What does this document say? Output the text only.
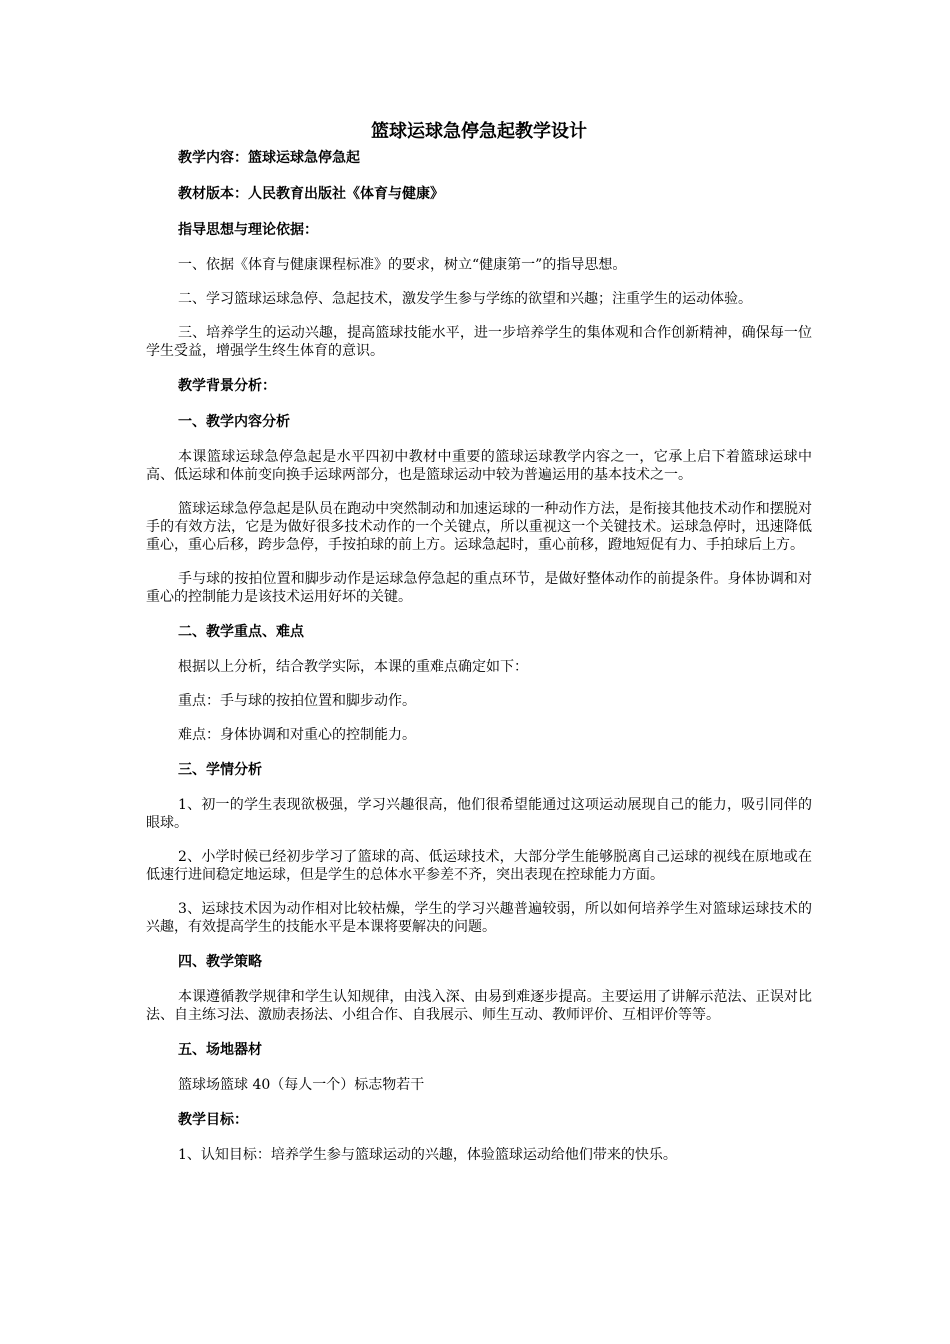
篮球运球急停急起教学设计
教学内容：篮球运球急停急起
教材版本：人民教育出版社《体育与健康》
指导思想与理论依据：
一、依据《体育与健康课程标准》的要求，树立“健康第一”的指导思想。
二、学习篮球运球急停、急起技术，激发学生参与学练的欲望和兴趣；注重学生的运动体验。
三、培养学生的运动兴趣，提高篮球技能水平，进一步培养学生的集体观和合作创新精神，确保每一位学生受益，增强学生终生体育的意识。
教学背景分析：
一、教学内容分析
本课篮球运球急停急起是水平四初中教材中重要的篮球运球教学内容之一，它承上启下着篮球运球中高、低运球和体前变向换手运球两部分，也是篮球运动中较为普遍运用的基本技术之一。
篮球运球急停急起是队员在跑动中突然制动和加速运球的一种动作方法，是衔接其他技术动作和摆脱对手的有效方法，它是为做好很多技术动作的一个关键点，所以重视这一个关键技术。运球急停时，迅速降低重心，重心后移，跨步急停，手按拍球的前上方。运球急起时，重心前移，蹬地短促有力、手拍球后上方。
手与球的按拍位置和脚步动作是运球急停急起的重点环节，是做好整体动作的前提条件。身体协调和对重心的控制能力是该技术运用好坏的关键。
二、教学重点、难点
根据以上分析，结合教学实际，本课的重难点确定如下：
重点：手与球的按拍位置和脚步动作。
难点：身体协调和对重心的控制能力。
三、学情分析
1、初一的学生表现欲极强，学习兴趣很高，他们很希望能通过这项运动展现自己的能力，吸引同伴的眼球。
2、小学时候已经初步学习了篮球的高、低运球技术，大部分学生能够脱离自己运球的视线在原地或在低速行进间稳定地运球，但是学生的总体水平参差不齐，突出表现在控球能力方面。
3、运球技术因为动作相对比较枯燥，学生的学习兴趣普遍较弱，所以如何培养学生对篮球运球技术的兴趣，有效提高学生的技能水平是本课将要解决的问题。
四、教学策略
本课遵循教学规律和学生认知规律，由浅入深、由易到难逐步提高。主要运用了讲解示范法、正误对比法、自主练习法、激励表扬法、小组合作、自我展示、师生互动、教师评价、互相评价等等。
五、场地器材
篮球场篮球 40（每人一个）标志物若干
教学目标：
1、认知目标：培养学生参与篮球运动的兴趣，体验篮球运动给他们带来的快乐。
